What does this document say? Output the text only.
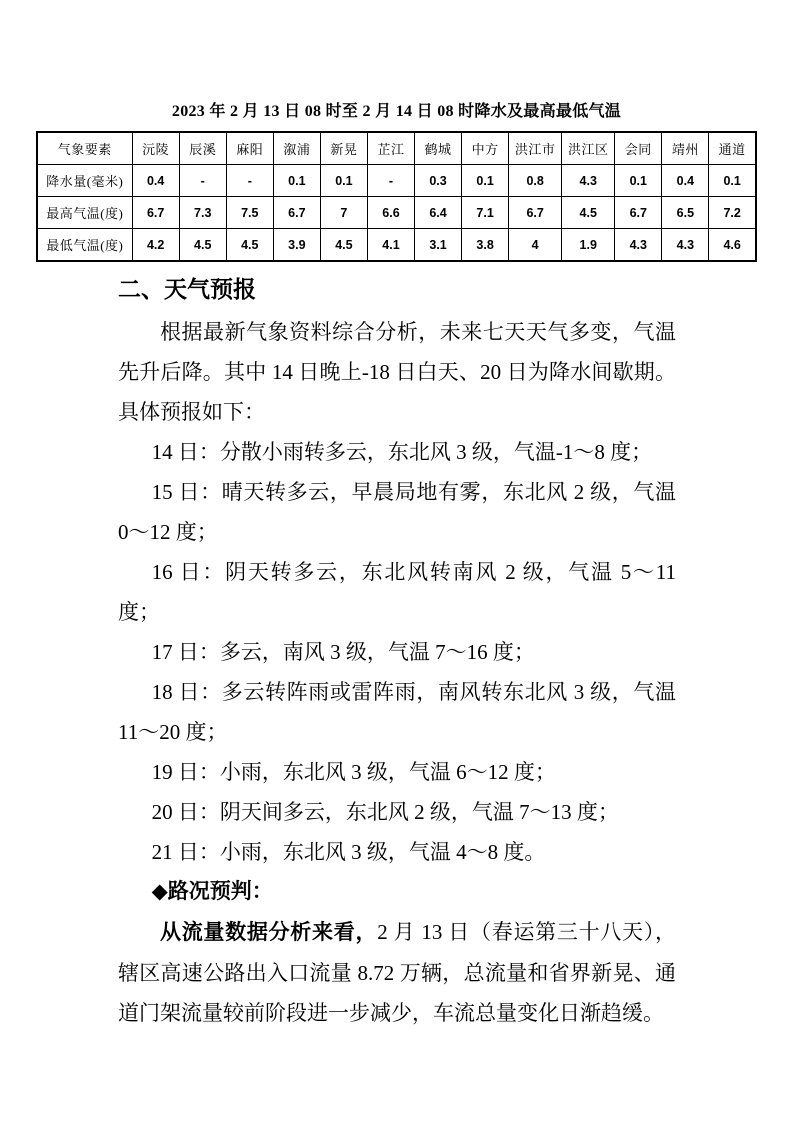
2023 年 2 月 13 日 08 时至 2 月 14 日 08 时降水及最高最低气温
气象要素	沅陵	辰溪	麻阳	溆浦	新晃	芷江	鹤城	中方	洪江市	洪江区	会同	靖州	通道
降水量(毫米)	0.4	-	-	0.1	0.1	-	0.3	0.1	0.8	4.3	0.1	0.4	0.1
最高气温(度)	6.7	7.3	7.5	6.7	7	6.6	6.4	7.1	6.7	4.5	6.7	6.5	7.2
最低气温(度)	4.2	4.5	4.5	3.9	4.5	4.1	3.1	3.8	4	1.9	4.3	4.3	4.6
二、天气预报

根据最新气象资料综合分析，未来七天天气多变，气温先升后降。其中 14 日晚上-18 日白天、20 日为降水间歇期。具体预报如下：

14 日：分散小雨转多云，东北风 3 级，气温-1～8 度；

15 日：晴天转多云，早晨局地有雾，东北风 2 级，气温 0～12 度；

16 日：阴天转多云，东北风转南风 2 级，气温 5～11 度；

17 日：多云，南风 3 级，气温 7～16 度；

18 日：多云转阵雨或雷阵雨，南风转东北风 3 级，气温 11～20 度；

19 日：小雨，东北风 3 级，气温 6～12 度；

20 日：阴天间多云，东北风 2 级，气温 7～13 度；

21 日：小雨，东北风 3 级，气温 4～8 度。

◆路况预判：

从流量数据分析来看，2 月 13 日（春运第三十八天），辖区高速公路出入口流量 8.72 万辆，总流量和省界新晃、通道门架流量较前阶段进一步减少，车流总量变化日渐趋缓。
